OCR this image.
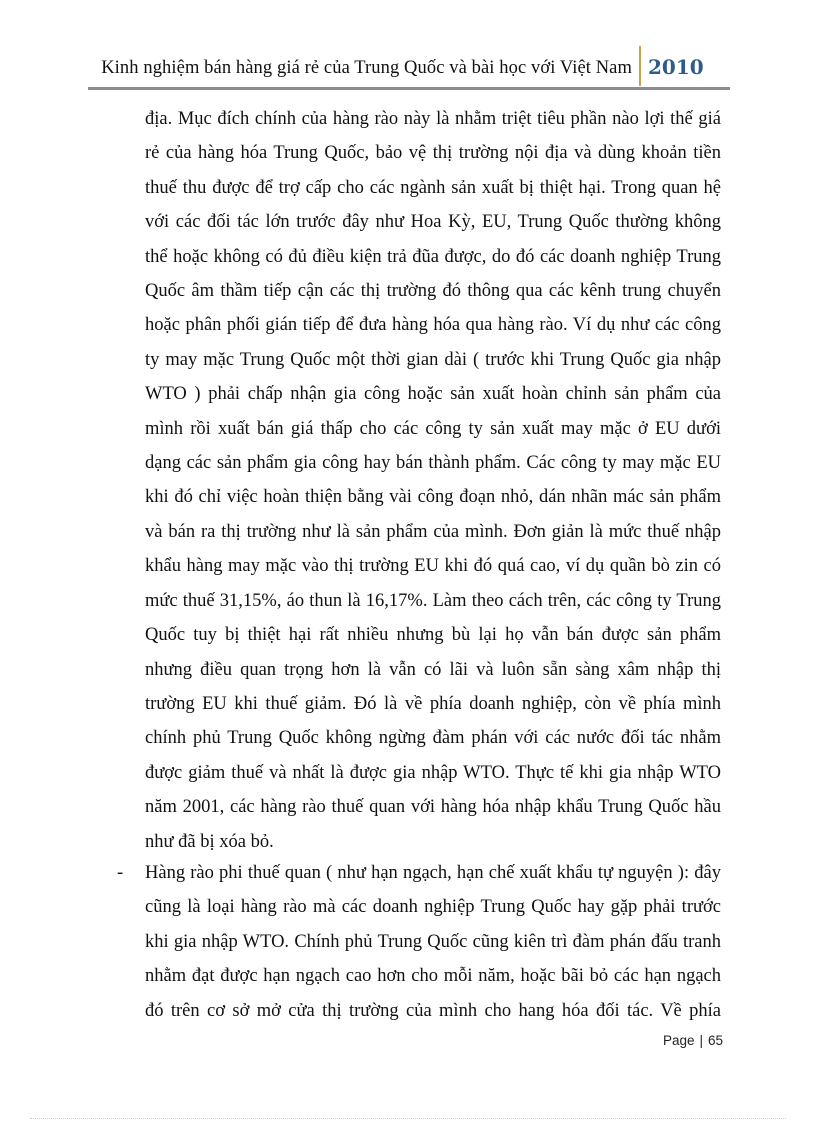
Kinh nghiệm bán hàng giá rẻ của Trung Quốc và bài học với Việt Nam 2010
địa. Mục đích chính của hàng rào này là nhằm triệt tiêu phần nào lợi thế giá
rẻ của hàng hóa Trung Quốc, bảo vệ thị trường nội địa và dùng khoản tiền
thuế thu được để trợ cấp cho các ngành sản xuất bị thiệt hại. Trong quan hệ
với các đối tác lớn trước đây như Hoa Kỳ, EU, Trung Quốc thường không
thể hoặc không có đủ điều kiện trả đũa được, do đó các doanh nghiệp Trung
Quốc âm thầm tiếp cận các thị trường đó thông qua các kênh trung chuyển
hoặc phân phối gián tiếp để đưa hàng hóa qua hàng rào. Ví dụ như các công
ty may mặc Trung Quốc một thời gian dài ( trước khi Trung Quốc gia nhập
WTO ) phải chấp nhận gia công hoặc sản xuất hoàn chỉnh sản phẩm của
mình rồi xuất bán giá thấp cho các công ty sản xuất may mặc ở EU dưới
dạng các sản phẩm gia công hay bán thành phẩm. Các công ty may mặc EU
khi đó chỉ việc hoàn thiện bằng vài công đoạn nhỏ, dán nhãn mác sản phẩm
và bán ra thị trường như là sản phẩm của mình. Đơn giản là mức thuế nhập
khẩu hàng may mặc vào thị trường EU khi đó quá cao, ví dụ quần bò zin có
mức thuế 31,15%, áo thun là 16,17%. Làm theo cách trên, các công ty Trung
Quốc tuy bị thiệt hại rất nhiều nhưng bù lại họ vẫn bán được sản phẩm
nhưng điều quan trọng hơn là vẫn có lãi và luôn sẵn sàng xâm nhập thị
trường EU khi thuế giảm. Đó là về phía doanh nghiệp, còn về phía mình
chính phủ Trung Quốc không ngừng đàm phán với các nước đối tác nhằm
được giảm thuế và nhất là được gia nhập WTO. Thực tế khi gia nhập WTO
năm 2001, các hàng rào thuế quan với hàng hóa nhập khẩu Trung Quốc hầu
như đã bị xóa bỏ.
- Hàng rào phi thuế quan ( như hạn ngạch, hạn chế xuất khẩu tự nguyện ): đây
cũng là loại hàng rào mà các doanh nghiệp Trung Quốc hay gặp phải trước
khi gia nhập WTO. Chính phủ Trung Quốc cũng kiên trì đàm phán đấu tranh
nhằm đạt được hạn ngạch cao hơn cho mỗi năm, hoặc bãi bỏ các hạn ngạch
đó trên cơ sở mở cửa thị trường của mình cho hang hóa đối tác. Về phía
Page | 65
